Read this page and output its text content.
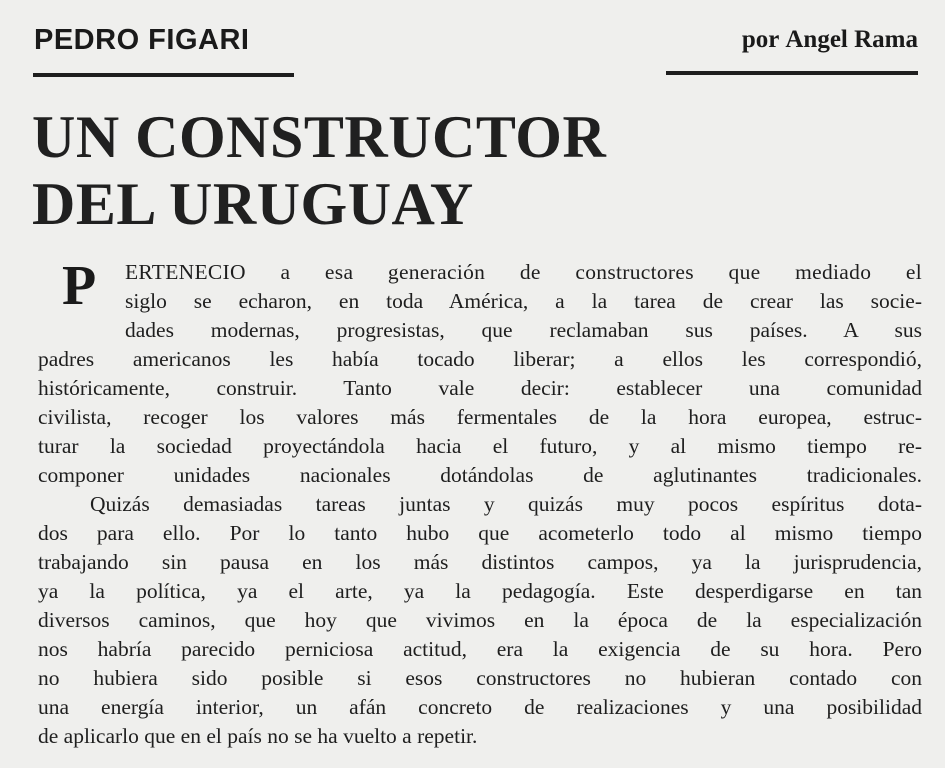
PEDRO FIGARI	por Angel Rama
UN CONSTRUCTOR
DEL URUGUAY
P	ERTENECIO a esa generación de constructores que mediado el
siglo se echaron, en toda América, a la tarea de crear las socie-
dades modernas, progresistas, que reclamaban sus países. A sus
padres americanos les había tocado liberar; a ellos les correspondió,
históricamente, construir. Tanto vale decir: establecer una comunidad
civilista, recoger los valores más fermentales de la hora europea, estruc-
turar la sociedad proyectándola hacia el futuro, y al mismo tiempo re-
componer unidades nacionales dotándolas de aglutinantes tradicionales.
Quizás demasiadas tareas juntas y quizás muy pocos espíritus dota-
dos para ello. Por lo tanto hubo que acometerlo todo al mismo tiempo
trabajando sin pausa en los más distintos campos, ya la jurisprudencia,
ya la política, ya el arte, ya la pedagogía. Este desperdigarse en tan
diversos caminos, que hoy que vivimos en la época de la especialización
nos habría parecido perniciosa actitud, era la exigencia de su hora. Pero
no hubiera sido posible si esos constructores no hubieran contado con
una energía interior, un afán concreto de realizaciones y una posibilidad
de aplicarlo que en el país no se ha vuelto a repetir.
